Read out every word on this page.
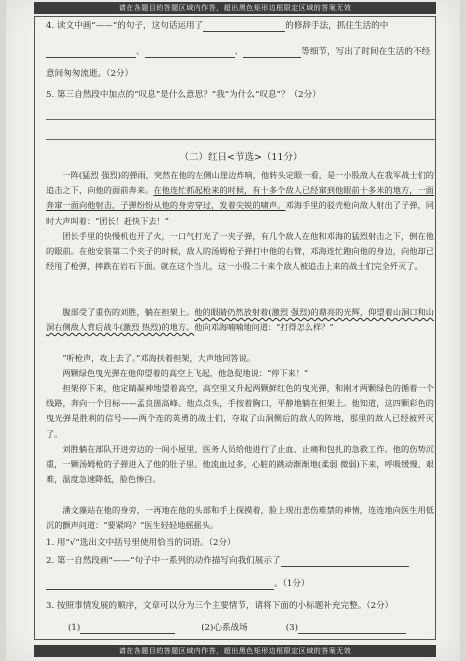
请在各题目的答题区域内作答，超出黑色矩形边框限定区域的答案无效
4. 读文中画“——”的句子，这句话运用了	的修辞手法，抓住生活的中
、	、	等细节，写出了时间在生活的不经
意间匆匆流逝。（2分）
5. 第三自然段中加点的“叹息”是什么意思？“我”为什么“叹息”？（2分）
（二）红日<节选>（11分）
一阵(猛烈 强烈)的弹雨，突然在他的左侧山崖边炸响，他转头定眼一看，是一小股敌人在我军战士们的追击之下，向他的面前奔来。在他连忙抓起枪来的时候，有十多个敌人已经窜到他眼前十多米的地方，一面奔窜一面向他射击，子弹纷纷从他的身旁穿过，发着尖锐的啸声。邓海手里的驳壳枪向敌人射出了子弹，同时大声叫着：“团长！赶快下去！”
团长手里的快慢机也开了火，一口气打光了一夹子弹，有几个敌人在他和邓海的猛烈射击之下，倒在他的眼前。在他安装第二个夹子的时候，敌人的汤姆枪子弹打中他的右臂，邓海连忙跑向他的身边，向他却已经甩了枪弹，摔跌在岩石下面。就在这个当儿，这一小股二十来个敌人被追击上来的战士们完全歼灭了。
腹部受了重伤的刘胜，躺在担架上。他的眼睛仍然放射着(激烈 强烈)的鼎亮的光辉，仰望着山洞口和山洞右侧敌人背后战斗(激烈 热烈)的地方。他向邓海喃喃地问道：“打得怎么样？”
“听枪声，攻上去了。”邓海扶着担架，大声地回答说。
两颗绿色曳光弹在他仰望着的高空上飞起，他急促地说：“停下来！”
担架停下来，他定睛凝神地望着高空，高空里又升起两颗鲜红色的曳光弹，和刚才两颗绿色的循着一个线路，奔向一个目标——孟良崮高峰。他点点头，手按着胸口，平静地躺在担架上。他知道，这四颗彩色的曳光弹是胜利的信号——两个连的英勇的战士们，夺取了山洞侧后的敌人的阵地，那里的敌人已经被歼灭了。
刘胜躺在部队开进旁边的一间小屋里，医务人员给他进行了止血、止痛和包扎的急救工作。他的伤势沉重，一颗汤姆枪的子弹进入了他的肚子里。他流血过多，心脏的跳动渐渐地(柔弱 微弱)下来，呼吸缓慢、艰难，温度急速降低，脸色惨白。
潘文藻站在他的身旁，一再地在他的头部和手上探摸着，脸上现出悲伤难禁的神情，连连地向医生用低沉的颤声问道：“要紧吗？”医生轻轻地摇摇头。
1. 用“√”选出文中括号里使用恰当的词语。（2分）
2. 第一自然段画“——”句子中一系列的动作描写向我们展示了
。（1分）
3. 按照事情发展的顺序，文章可以分为三个主要情节，请将下面的小标题补充完整。（2分）
(1)	(2)心系战场	(3)
请在各题目的答题区域内作答，超出黑色矩形边框限定区域的答案无效
